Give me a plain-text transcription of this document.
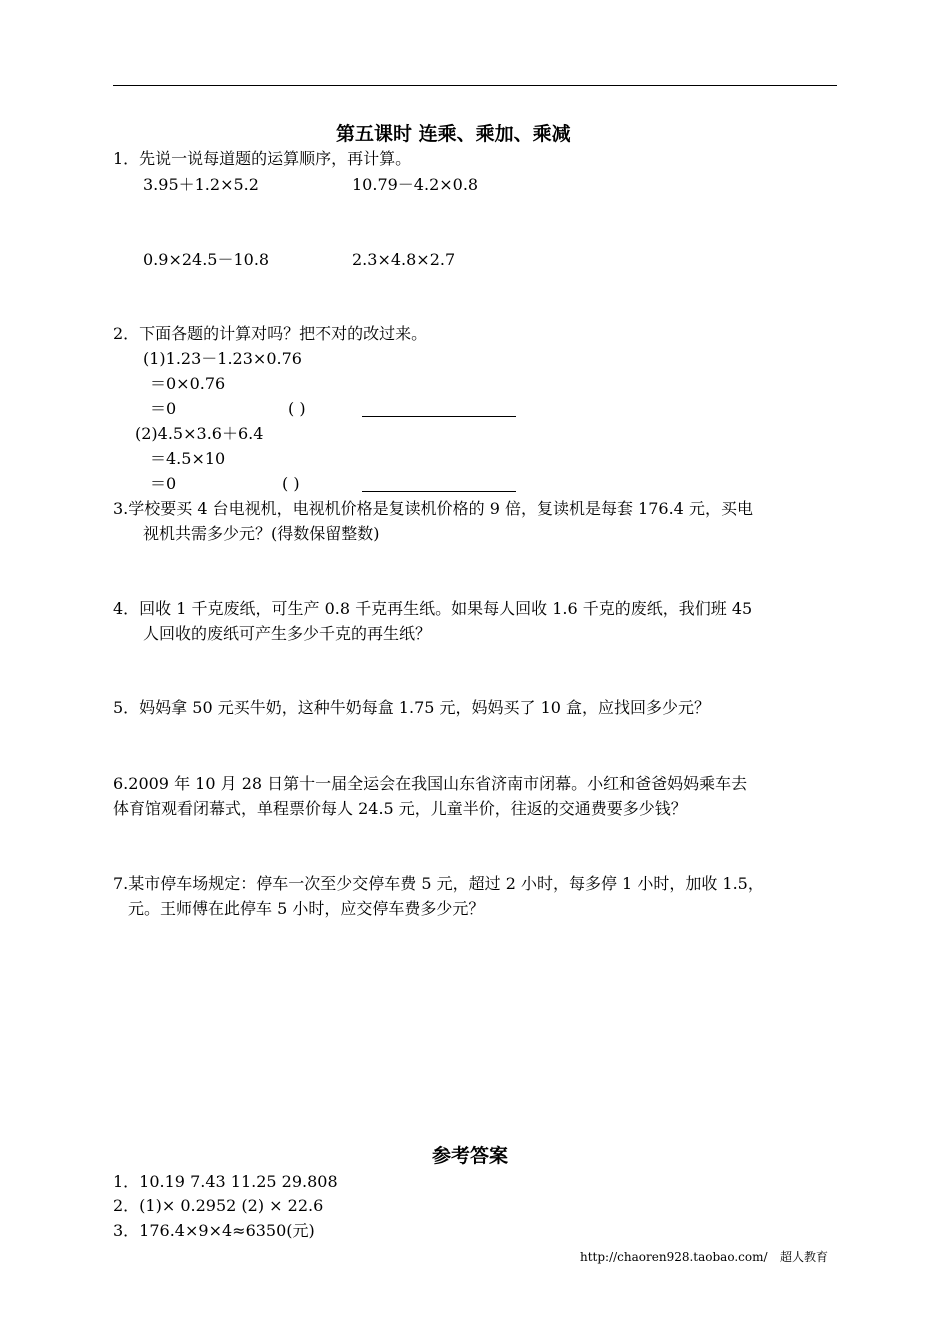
第五课时 连乘、乘加、乘减
1．先说一说每道题的运算顺序，再计算。
3.95＋1.2×5.2	10.79－4.2×0.8
0.9×24.5－10.8	2.3×4.8×2.7
2．下面各题的计算对吗？把不对的改过来。
(1)1.23－1.23×0.76
＝0×0.76
＝0	( )
(2)4.5×3.6＋6.4
＝4.5×10
＝0	( )
3.学校要买 4 台电视机，电视机价格是复读机价格的 9 倍，复读机是每套 176.4 元，买电
视机共需多少元？(得数保留整数)
4．回收 1 千克废纸，可生产 0.8 千克再生纸。如果每人回收 1.6 千克的废纸，我们班 45
人回收的废纸可产生多少千克的再生纸？
5．妈妈拿 50 元买牛奶，这种牛奶每盒 1.75 元，妈妈买了 10 盒，应找回多少元？
6.2009 年 10 月 28 日第十一届全运会在我国山东省济南市闭幕。小红和爸爸妈妈乘车去
体育馆观看闭幕式，单程票价每人 24.5 元，儿童半价，往返的交通费要多少钱？
7.某市停车场规定：停车一次至少交停车费 5 元，超过 2 小时，每多停 1 小时，加收 1.5，
元。王师傅在此停车 5 小时，应交停车费多少元？
参考答案
1．10.19 7.43 11.25 29.808
2．(1)× 0.2952 (2) × 22.6
3．176.4×9×4≈6350(元)
http://chaoren928.taobao.com/ 超人教育
